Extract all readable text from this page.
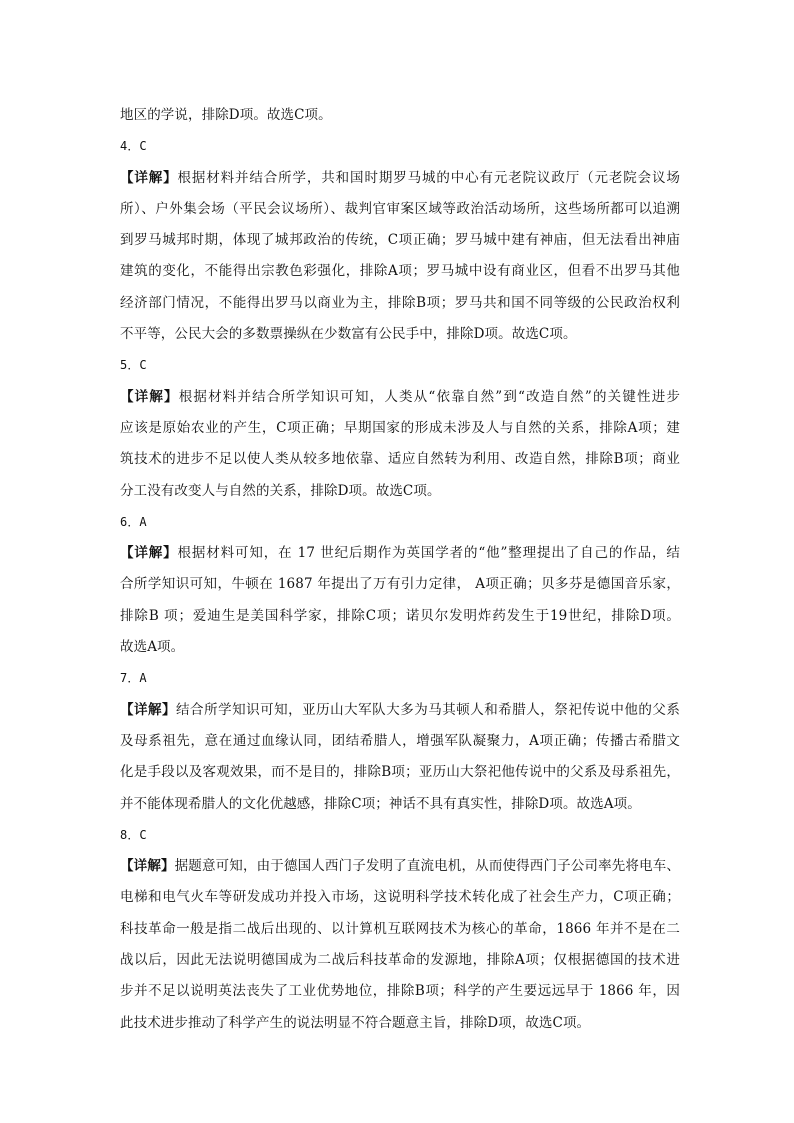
地区的学说，排除D项。故选C项。
4．C
【详解】根据材料并结合所学，共和国时期罗马城的中心有元老院议政厅（元老院会议场
所）、户外集会场（平民会议场所）、裁判官审案区域等政治活动场所，这些场所都可以追溯
到罗马城邦时期，体现了城邦政治的传统，C项正确；罗马城中建有神庙，但无法看出神庙
建筑的变化，不能得出宗教色彩强化，排除A项；罗马城中设有商业区，但看不出罗马其他
经济部门情况，不能得出罗马以商业为主，排除B项；罗马共和国不同等级的公民政治权利
不平等，公民大会的多数票操纵在少数富有公民手中，排除D项。故选C项。
5．C
【详解】根据材料并结合所学知识可知，人类从“依靠自然”到“改造自然”的关键性进步
应该是原始农业的产生，C项正确；早期国家的形成未涉及人与自然的关系，排除A项；建
筑技术的进步不足以使人类从较多地依靠、适应自然转为利用、改造自然，排除B项；商业
分工没有改变人与自然的关系，排除D项。故选C项。
6．A
【详解】根据材料可知，在 17 世纪后期作为英国学者的“他”整理提出了自己的作品，结
合所学知识可知，牛顿在 1687 年提出了万有引力定律， A项正确；贝多芬是德国音乐家，
排除B 项；爱迪生是美国科学家，排除C项；诺贝尔发明炸药发生于19世纪，排除D项。
故选A项。
7．A
【详解】结合所学知识可知，亚历山大军队大多为马其顿人和希腊人，祭祀传说中他的父系
及母系祖先，意在通过血缘认同，团结希腊人，增强军队凝聚力，A项正确；传播古希腊文
化是手段以及客观效果，而不是目的，排除B项；亚历山大祭祀他传说中的父系及母系祖先，
并不能体现希腊人的文化优越感，排除C项；神话不具有真实性，排除D项。故选A项。
8．C
【详解】据题意可知，由于德国人西门子发明了直流电机，从而使得西门子公司率先将电车、
电梯和电气火车等研发成功并投入市场，这说明科学技术转化成了社会生产力，C项正确；
科技革命一般是指二战后出现的、以计算机互联网技术为核心的革命，1866 年并不是在二
战以后，因此无法说明德国成为二战后科技革命的发源地，排除A项；仅根据德国的技术进
步并不足以说明英法丧失了工业优势地位，排除B项；科学的产生要远远早于 1866 年，因
此技术进步推动了科学产生的说法明显不符合题意主旨，排除D项，故选C项。
